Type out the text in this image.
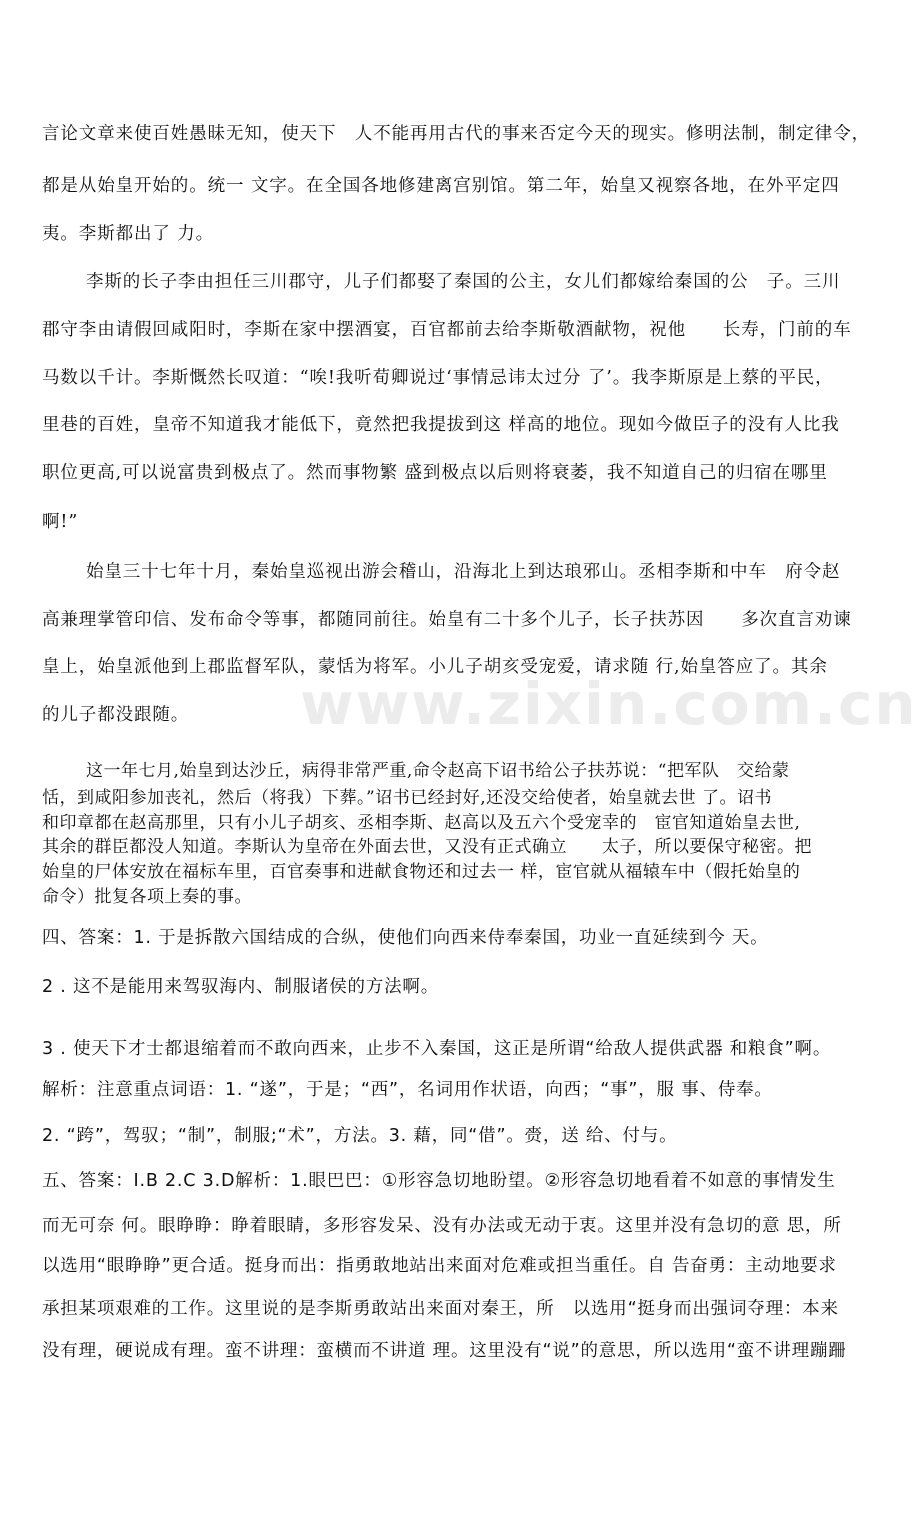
www.zixin.com.cn
言论文章来使百姓愚昧无知，使天下　人不能再用古代的事来否定今天的现实。修明法制，制定律令，
都是从始皇开始的。统一 文字。在全国各地修建离宫别馆。第二年，始皇又视察各地，在外平定四
夷。李斯都出了 力。
李斯的长子李由担任三川郡守，儿子们都娶了秦国的公主，女儿们都嫁给秦国的公　子。三川
郡守李由请假回咸阳时，李斯在家中摆酒宴，百官都前去给李斯敬酒献物，祝他　　长寿，门前的车
马数以千计。李斯慨然长叹道：“唉!我听荀卿说过‘事情忌讳太过分 了’。我李斯原是上蔡的平民，
里巷的百姓，皇帝不知道我才能低下，竟然把我提拔到这 样高的地位。现如今做臣子的没有人比我
职位更高,可以说富贵到极点了。然而事物繁 盛到极点以后则将衰萎，我不知道自己的归宿在哪里
啊!”
始皇三十七年十月，秦始皇巡视出游会稽山，沿海北上到达琅邪山。丞相李斯和中车　府令赵
高兼理掌管印信、发布命令等事，都随同前往。始皇有二十多个儿子，长子扶苏因　　多次直言劝谏
皇上，始皇派他到上郡监督军队，蒙恬为将军。小儿子胡亥受宠爱，请求随 行,始皇答应了。其余
的儿子都没跟随。
这一年七月,始皇到达沙丘，病得非常严重,命令赵高下诏书给公子扶苏说：“把军队　交给蒙
恬，到咸阳参加丧礼，然后（将我）下葬。”诏书已经封好,还没交给使者，始皇就去世 了。诏书
和印章都在赵高那里，只有小儿子胡亥、丞相李斯、赵高以及五六个受宠幸的　宦官知道始皇去世,
其余的群臣都没人知道。李斯认为皇帝在外面去世，又没有正式确立　　太子，所以要保守秘密。把
始皇的尸体安放在福标车里，百官奏事和进献食物还和过去一 样，宦官就从福辕车中（假托始皇的
命令）批复各项上奏的事。
四、答案：1. 于是拆散六国结成的合纵，使他们向西来侍奉秦国，功业一直延续到今 天。
2 . 这不是能用来驾驭海内、制服诸侯的方法啊。
3 . 使天下才士都退缩着而不敢向西来，止步不入秦国，这正是所谓“给敌人提供武器 和粮食”啊。
解析：注意重点词语：1. “遂”，于是；“西”，名词用作状语，向西；“事”，服 事、侍奉。
2. “跨”，驾驭；“制”，制服;“术”，方法。3. 藉，同“借”。赍，送 给、付与。
五、答案：I.B 2.C 3.D解析：1.眼巴巴：①形容急切地盼望。②形容急切地看着不如意的事情发生
而无可奈 何。眼睁睁：睁着眼睛，多形容发呆、没有办法或无动于衷。这里并没有急切的意 思，所
以选用“眼睁睁”更合适。挺身而出：指勇敢地站出来面对危难或担当重任。自 告奋勇：主动地要求
承担某项艰难的工作。这里说的是李斯勇敢站出来面对秦王，所　以选用“挺身而出强词夺理：本来
没有理，硬说成有理。蛮不讲理：蛮横而不讲道 理。这里没有“说”的意思，所以选用“蛮不讲理蹦跚
